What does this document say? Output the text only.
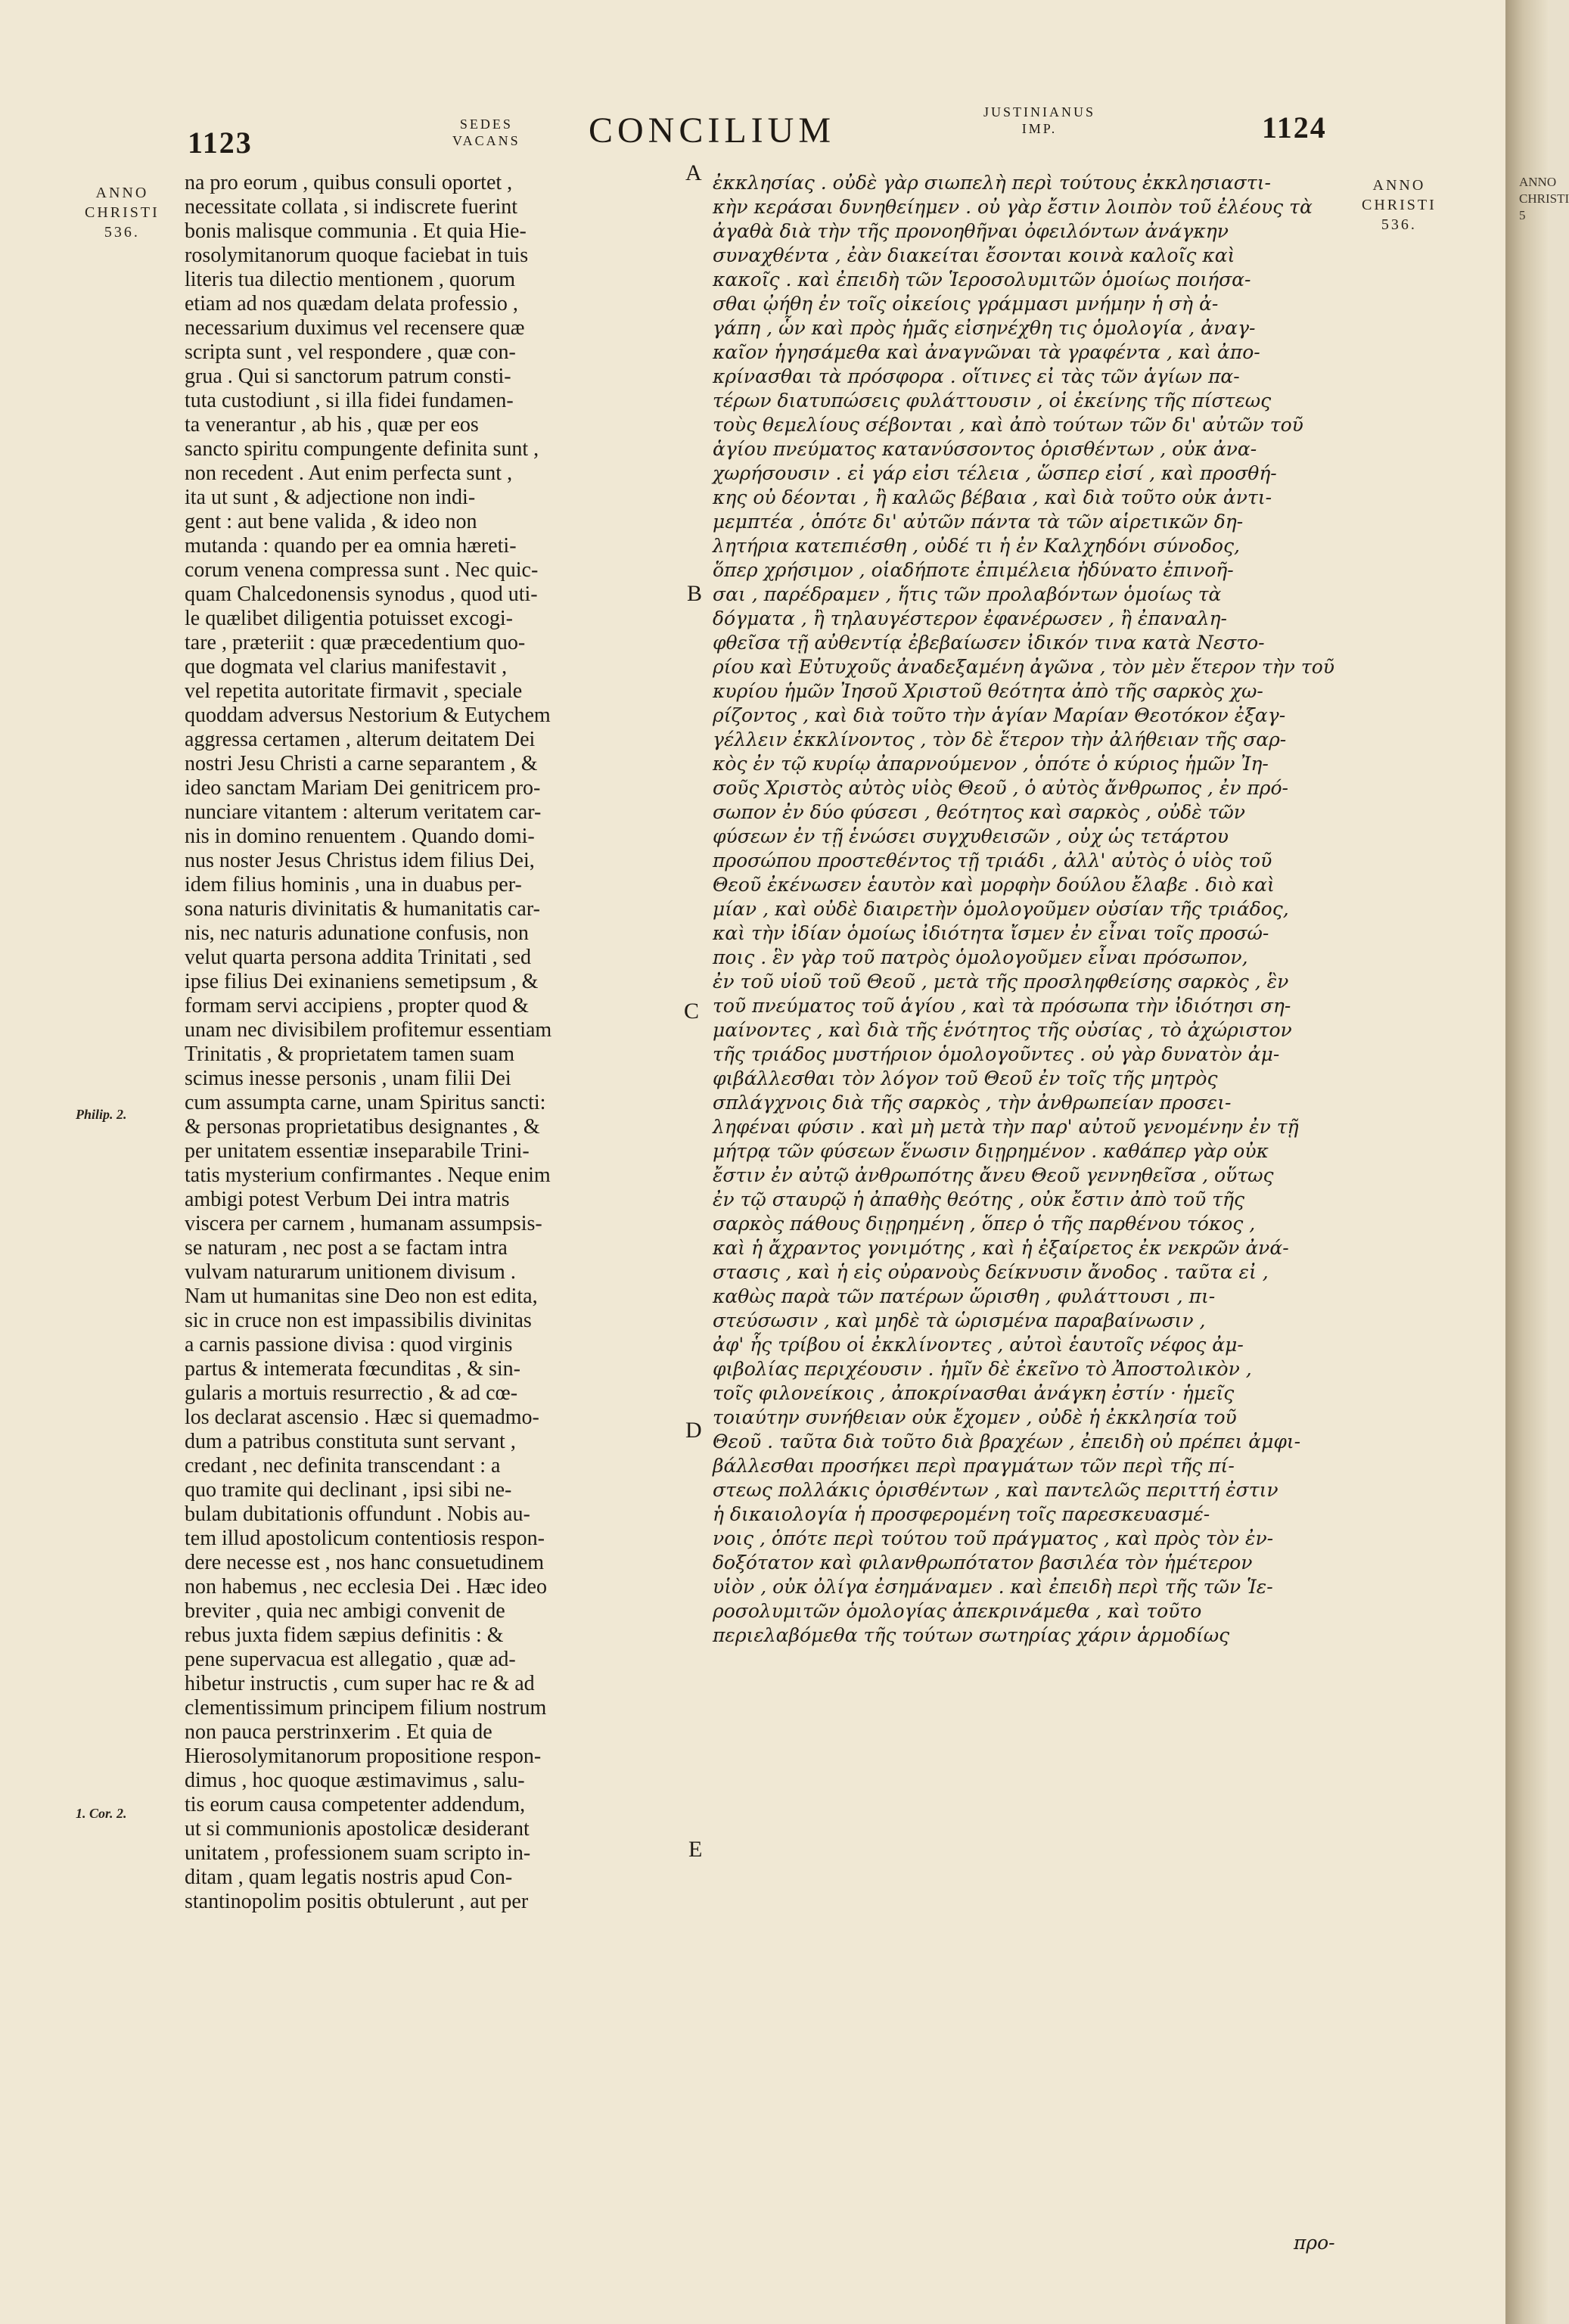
1123
SEDES
VACANS CONCILIUM	JUSTINIANUS
IMP.	1124
ANNO
CHRISTI
536.
ANNO
CHRISTI
536.
Philip. 2.
1. Cor. 2.
A
B
C
D
E
na pro eorum , quibus consuli oportet ,
necessitate collata , si indiscrete fuerint
bonis malisque communia . Et quia Hie-
rosolymitanorum quoque faciebat in tuis
literis tua dilectio mentionem , quorum
etiam ad nos quædam delata professio ,
necessarium duximus vel recensere quæ
scripta sunt , vel respondere , quæ con-
grua . Qui si sanctorum patrum consti-
tuta custodiunt , si illa fidei fundamen-
ta venerantur , ab his , quæ per eos
sancto spiritu compungente definita sunt ,
non recedent . Aut enim perfecta sunt ,
ita ut sunt , & adjectione non indi-
gent : aut bene valida , & ideo non
mutanda : quando per ea omnia hæreti-
corum venena compressa sunt . Nec quic-
quam Chalcedonensis synodus , quod uti-
le quælibet diligentia potuisset excogi-
tare , præteriit : quæ præcedentium quo-
que dogmata vel clarius manifestavit ,
vel repetita autoritate firmavit , speciale
quoddam adversus Nestorium & Eutychem
aggressa certamen , alterum deitatem Dei
nostri Jesu Christi a carne separantem , &
ideo sanctam Mariam Dei genitricem pro-
nunciare vitantem : alterum veritatem car-
nis in domino renuentem . Quando domi-
nus noster Jesus Christus idem filius Dei,
idem filius hominis , una in duabus per-
sona naturis divinitatis & humanitatis car-
nis, nec naturis adunatione confusis, non
velut quarta persona addita Trinitati , sed
ipse filius Dei exinaniens semetipsum , &
formam servi accipiens , propter quod &
unam nec divisibilem profitemur essentiam
Trinitatis , & proprietatem tamen suam
scimus inesse personis , unam filii Dei
cum assumpta carne, unam Spiritus sancti:
& personas proprietatibus designantes , &
per unitatem essentiæ inseparabile Trini-
tatis mysterium confirmantes . Neque enim
ambigi potest Verbum Dei intra matris
viscera per carnem , humanam assumpsis-
se naturam , nec post a se factam intra
vulvam naturarum unitionem divisum .
Nam ut humanitas sine Deo non est edita,
sic in cruce non est impassibilis divinitas
a carnis passione divisa : quod virginis
partus & intemerata fœcunditas , & sin-
gularis a mortuis resurrectio , & ad cœ-
los declarat ascensio . Hæc si quemadmo-
dum a patribus constituta sunt servant ,
credant , nec definita transcendant : a
quo tramite qui declinant , ipsi sibi ne-
bulam dubitationis offundunt . Nobis au-
tem illud apostolicum contentiosis respon-
dere necesse est , nos hanc consuetudinem
non habemus , nec ecclesia Dei . Hæc ideo
breviter , quia nec ambigi convenit de
rebus juxta fidem sæpius definitis : &
pene supervacua est allegatio , quæ ad-
hibetur instructis , cum super hac re & ad
clementissimum principem filium nostrum
non pauca perstrinxerim . Et quia de
Hierosolymitanorum propositione respon-
dimus , hoc quoque æstimavimus , salu-
tis eorum causa competenter addendum,
ut si communionis apostolicæ desiderant
unitatem , professionem suam scripto in-
ditam , quam legatis nostris apud Con-
stantinopolim positis obtulerunt , aut per
ἐκκλησίας . οὐδὲ γὰρ σιωπελὴ περὶ τούτους ἐκκλησιαστι-
κὴν κεράσαι δυνηθείημεν . οὐ γὰρ ἔστιν λοιπὸν τοῦ ἐλέους τὰ
ἀγαθὰ διὰ τὴν τῆς προνοηθῆναι ὀφειλόντων ἀνάγκην
συναχθέντα , ἐὰν διακείται ἔσονται κοινὰ καλοῖς καὶ
κακοῖς . καὶ ἐπειδὴ τῶν Ἱεροσολυμιτῶν ὁμοίως ποιήσα-
σθαι ᾠήθη ἐν τοῖς οἰκείοις γράμμασι μνήμην ἡ σὴ ἀ-
γάπη , ὧν καὶ πρὸς ἡμᾶς εἰσηνέχθη τις ὁμολογία , ἀναγ-
καῖον ἡγησάμεθα καὶ ἀναγνῶναι τὰ γραφέντα , καὶ ἀπο-
κρίνασθαι τὰ πρόσφορα . οἵτινες εἰ τὰς τῶν ἁγίων πα-
τέρων διατυπώσεις φυλάττουσιν , οἱ ἐκείνης τῆς πίστεως
τοὺς θεμελίους σέβονται , καὶ ἀπὸ τούτων τῶν δι' αὐτῶν τοῦ
ἁγίου πνεύματος κατανύσσοντος ὁρισθέντων , οὐκ ἀνα-
χωρήσουσιν . εἰ γάρ εἰσι τέλεια , ὥσπερ εἰσί , καὶ προσθή-
κης οὐ δέονται , ἢ καλῶς βέβαια , καὶ διὰ τοῦτο οὐκ ἀντι-
μεμπτέα , ὁπότε δι' αὐτῶν πάντα τὰ τῶν αἱρετικῶν δη-
λητήρια κατεπιέσθη , οὐδέ τι ἡ ἐν Καλχηδόνι σύνοδος,
ὅπερ χρήσιμον , οἱαδήποτε ἐπιμέλεια ἠδύνατο ἐπινοῆ-
σαι , παρέδραμεν , ἥτις τῶν προλαβόντων ὁμοίως τὰ
δόγματα , ἢ τηλαυγέστερον ἐφανέρωσεν , ἢ ἐπαναλη-
φθεῖσα τῇ αὐθεντίᾳ ἐβεβαίωσεν ἰδικόν τινα κατὰ Νεστο-
ρίου καὶ Εὐτυχοῦς ἀναδεξαμένη ἀγῶνα , τὸν μὲν ἕτερον τὴν τοῦ
κυρίου ἡμῶν Ἰησοῦ Χριστοῦ θεότητα ἀπὸ τῆς σαρκὸς χω-
ρίζοντος , καὶ διὰ τοῦτο τὴν ἁγίαν Μαρίαν Θεοτόκον ἐξαγ-
γέλλειν ἐκκλίνοντος , τὸν δὲ ἕτερον τὴν ἀλήθειαν τῆς σαρ-
κὸς ἐν τῷ κυρίῳ ἀπαρνούμενον , ὁπότε ὁ κύριος ἡμῶν Ἰη-
σοῦς Χριστὸς αὐτὸς υἱὸς Θεοῦ , ὁ αὐτὸς ἄνθρωπος , ἐν πρό-
σωπον ἐν δύο φύσεσι , θεότητος καὶ σαρκὸς , οὐδὲ τῶν
φύσεων ἐν τῇ ἑνώσει συγχυθεισῶν , οὐχ ὡς τετάρτου
προσώπου προστεθέντος τῇ τριάδι , ἀλλ' αὐτὸς ὁ υἱὸς τοῦ
Θεοῦ ἐκένωσεν ἑαυτὸν καὶ μορφὴν δούλου ἔλαβε . διὸ καὶ
μίαν , καὶ οὐδὲ διαιρετὴν ὁμολογοῦμεν οὐσίαν τῆς τριάδος,
καὶ τὴν ἰδίαν ὁμοίως ἰδιότητα ἴσμεν ἐν εἶναι τοῖς προσώ-
ποις . ἓν γὰρ τοῦ πατρὸς ὁμολογοῦμεν εἶναι πρόσωπον,
ἐν τοῦ υἱοῦ τοῦ Θεοῦ , μετὰ τῆς προσληφθείσης σαρκὸς , ἓν
τοῦ πνεύματος τοῦ ἁγίου , καὶ τὰ πρόσωπα τὴν ἰδιότησι ση-
μαίνοντες , καὶ διὰ τῆς ἑνότητος τῆς οὐσίας , τὸ ἀχώριστον
τῆς τριάδος μυστήριον ὁμολογοῦντες . οὐ γὰρ δυνατὸν ἀμ-
φιβάλλεσθαι τὸν λόγον τοῦ Θεοῦ ἐν τοῖς τῆς μητρὸς
σπλάγχνοις διὰ τῆς σαρκὸς , τὴν ἀνθρωπείαν προσει-
ληφέναι φύσιν . καὶ μὴ μετὰ τὴν παρ' αὐτοῦ γενομένην ἐν τῇ
μήτρᾳ τῶν φύσεων ἕνωσιν διῃρημένον . καθάπερ γὰρ οὐκ
ἔστιν ἐν αὐτῷ ἀνθρωπότης ἄνευ Θεοῦ γεννηθεῖσα , οὕτως
ἐν τῷ σταυρῷ ἡ ἀπαθὴς θεότης , οὐκ ἔστιν ἀπὸ τοῦ τῆς
σαρκὸς πάθους διῃρημένη , ὅπερ ὁ τῆς παρθένου τόκος ,
καὶ ἡ ἄχραντος γονιμότης , καὶ ἡ ἐξαίρετος ἐκ νεκρῶν ἀνά-
στασις , καὶ ἡ εἰς οὐρανοὺς δείκνυσιν ἄνοδος . ταῦτα εἰ ,
καθὼς παρὰ τῶν πατέρων ὥρισθη , φυλάττουσι , πι-
στεύσωσιν , καὶ μηδὲ τὰ ὡρισμένα παραβαίνωσιν ,
ἀφ' ἧς τρίβου οἱ ἐκκλίνοντες , αὐτοὶ ἑαυτοῖς νέφος ἀμ-
φιβολίας περιχέουσιν . ἡμῖν δὲ ἐκεῖνο τὸ Ἀποστολικὸν ,
τοῖς φιλονείκοις , ἀποκρίνασθαι ἀνάγκη ἐστίν · ἡμεῖς
τοιαύτην συνήθειαν οὐκ ἔχομεν , οὐδὲ ἡ ἐκκλησία τοῦ
Θεοῦ . ταῦτα διὰ τοῦτο διὰ βραχέων , ἐπειδὴ οὐ πρέπει ἀμφι-
βάλλεσθαι προσήκει περὶ πραγμάτων τῶν περὶ τῆς πί-
στεως πολλάκις ὁρισθέντων , καὶ παντελῶς περιττή ἐστιν
ἡ δικαιολογία ἡ προσφερομένη τοῖς παρεσκευασμέ-
νοις , ὁπότε περὶ τούτου τοῦ πράγματος , καὶ πρὸς τὸν ἐν-
δοξότατον καὶ φιλανθρωπότατον βασιλέα τὸν ἡμέτερον
υἱὸν , οὐκ ὀλίγα ἐσημάναμεν . καὶ ἐπειδὴ περὶ τῆς τῶν Ἱε-
ροσολυμιτῶν ὁμολογίας ἀπεκρινάμεθα , καὶ τοῦτο
περιελαβόμεθα τῆς τούτων σωτηρίας χάριν ἁρμοδίως
προ-
ANNO
CHRISTI
5
